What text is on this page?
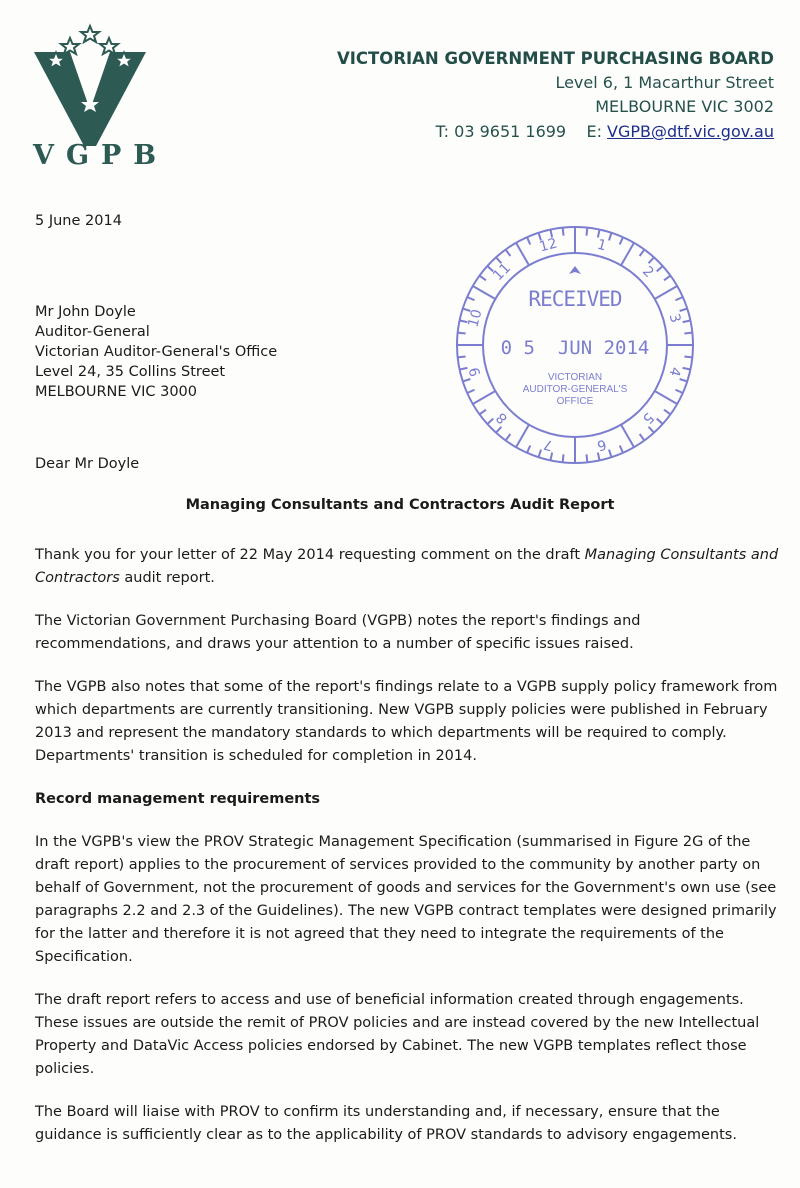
VGPB
VICTORIAN GOVERNMENT PURCHASING BOARD
Level 6, 1 Macarthur Street
MELBOURNE VIC 3002
T: 03 9651 1699 E: VGPB@dtf.vic.gov.au
5 June 2014
Mr John Doyle
Auditor-General
Victorian Auditor-General's Office
Level 24, 35 Collins Street
MELBOURNE VIC 3000
1
2
3
4
5
6
7
8
9
10
11
12
RECEIVED
0 5  JUN 2014
VICTORIAN
AUDITOR-GENERAL'S
OFFICE
Dear Mr Doyle
Managing Consultants and Contractors Audit Report

Thank you for your letter of 22 May 2014 requesting comment on the draft Managing Consultants and Contractors audit report.

The Victorian Government Purchasing Board (VGPB) notes the report's findings and recommendations, and draws your attention to a number of specific issues raised.

The VGPB also notes that some of the report's findings relate to a VGPB supply policy framework from which departments are currently transitioning. New VGPB supply policies were published in February 2013 and represent the mandatory standards to which departments will be required to comply. Departments' transition is scheduled for completion in 2014.

Record management requirements

In the VGPB's view the PROV Strategic Management Specification (summarised in Figure 2G of the draft report) applies to the procurement of services provided to the community by another party on behalf of Government, not the procurement of goods and services for the Government's own use (see paragraphs 2.2 and 2.3 of the Guidelines). The new VGPB contract templates were designed primarily for the latter and therefore it is not agreed that they need to integrate the requirements of the Specification.

The draft report refers to access and use of beneficial information created through engagements. These issues are outside the remit of PROV policies and are instead covered by the new Intellectual Property and DataVic Access policies endorsed by Cabinet. The new VGPB templates reflect those policies.

The Board will liaise with PROV to confirm its understanding and, if necessary, ensure that the guidance is sufficiently clear as to the applicability of PROV standards to advisory engagements.
